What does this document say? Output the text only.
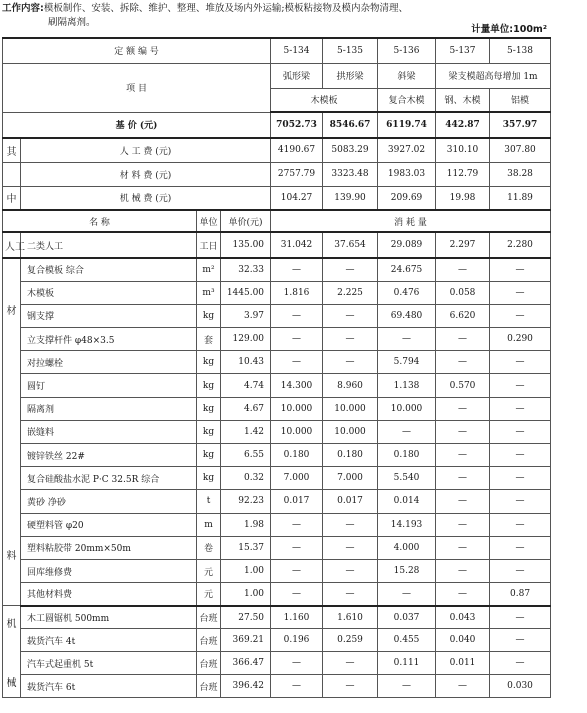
工作内容:模板制作、安装、拆除、维护、整理、堆放及场内外运输;模板粘接物及模内杂物清理、
刷隔离剂。
计量单位:100m²
定 额 编 号				5-134	5-135	5-136	5-137	5-138
项 目				弧形梁	拱形梁	斜梁	梁支模超高每增加 1m	
				木模板		复合木模	钢、木模	铝模
基 价 (元)				7052.73	8546.67	6119.74	442.87	357.97
其	人 工 费 (元)			4190.67	5083.29	3927.02	310.10	307.80
	材 料 费 (元)			2757.79	3323.48	1983.03	112.79	38.28
中	机 械 费 (元)			104.27	139.90	209.69	19.98	11.89
名 称		单位	单价(元)	消 耗 量				
人工	二类人工	工日	135.00	31.042	37.654	29.089	2.297	2.280

材
料	复合模板 综合	m²	32.33	—	—	24.675	—	—
	木模板	m³	1445.00	1.816	2.225	0.476	0.058	—
	钢支撑	kg	3.97	—	—	69.480	6.620	—
	立支撑杆件 φ48×3.5	套	129.00	—	—	—	—	0.290
	对拉螺栓	kg	10.43	—	—	5.794	—	—
	圆钉	kg	4.74	14.300	8.960	1.138	0.570	—
	隔离剂	kg	4.67	10.000	10.000	10.000	—	—
	嵌缝料	kg	1.42	10.000	10.000	—	—	—
	镀锌铁丝 22#	kg	6.55	0.180	0.180	0.180	—	—
	复合硅酸盐水泥 P·C 32.5R 综合	kg	0.32	7.000	7.000	5.540	—	—
	黄砂 净砂	t	92.23	0.017	0.017	0.014	—	—
	硬塑料管 φ20	m	1.98	—	—	14.193	—	—
	塑料粘胶带 20mm×50m	卷	15.37	—	—	4.000	—	—
	回库维修费	元	1.00	—	—	15.28	—	—
	其他材料费	元	1.00	—	—	—	—	0.87

机
械	木工圆锯机 500mm	台班	27.50	1.160	1.610	0.037	0.043	—
	载货汽车 4t	台班	369.21	0.196	0.259	0.455	0.040	—
	汽车式起重机 5t	台班	366.47	—	—	0.111	0.011	—
	载货汽车 6t	台班	396.42	—	—	—	—	0.030
